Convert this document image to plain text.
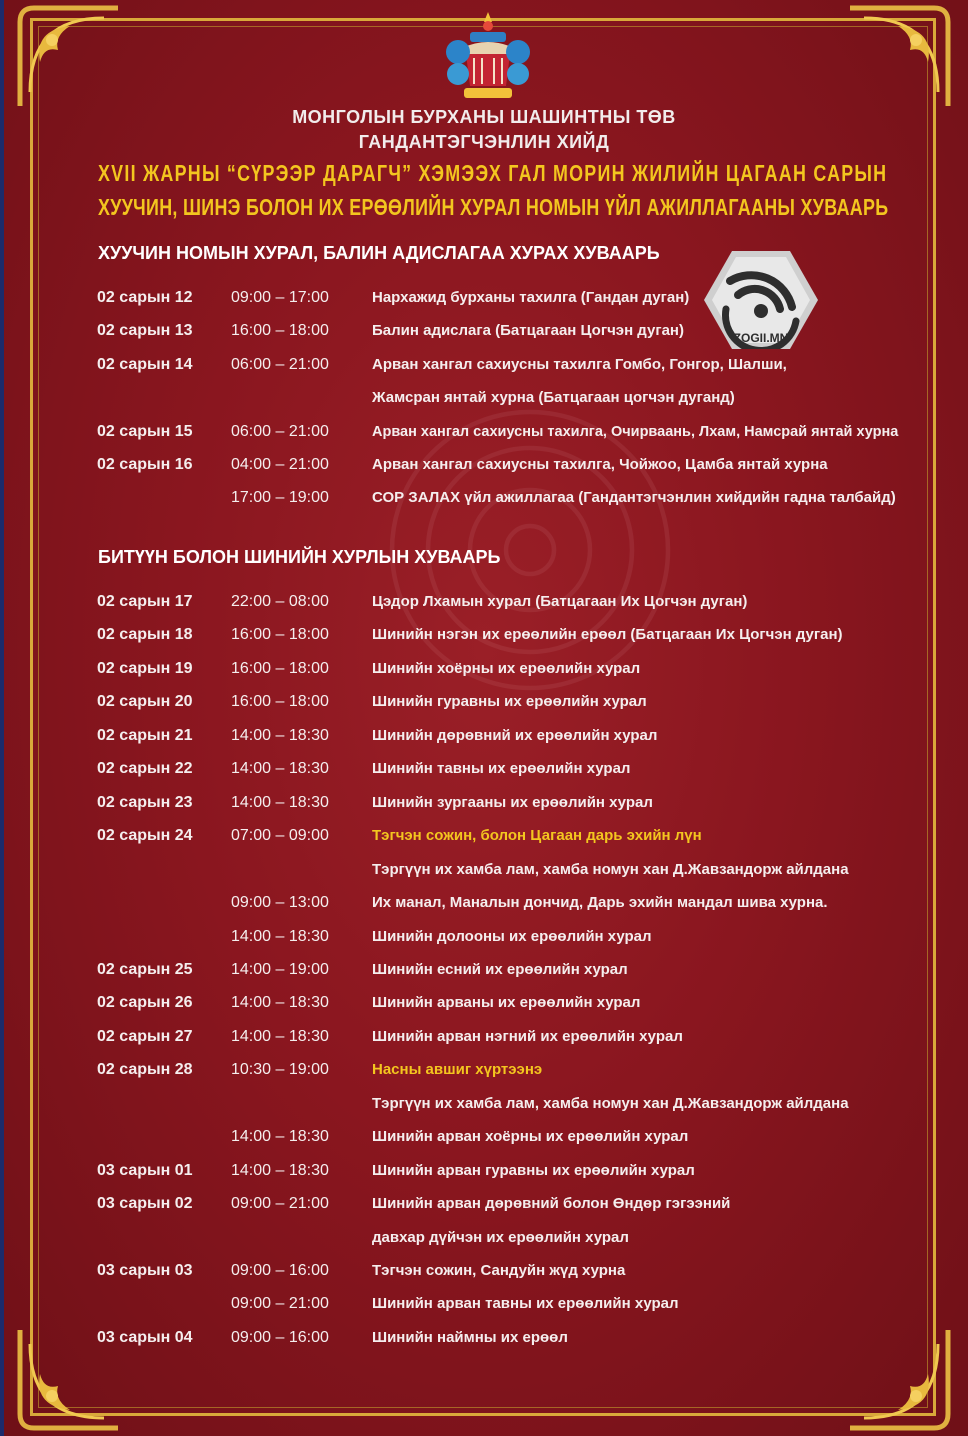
МОНГОЛЫН БУРХАНЫ ШАШИНТНЫ ТӨВ
ГАНДАНТЭГЧЭНЛИН ХИЙД
XVII ЖАРНЫ “СҮРЭЭР ДАРАГЧ” ХЭМЭЭХ ГАЛ МОРИН ЖИЛИЙН ЦАГААН САРЫН
ХУУЧИН, ШИНЭ БОЛОН ИХ ЕРӨӨЛИЙН ХУРАЛ НОМЫН ҮЙЛ АЖИЛЛАГААНЫ ХУВААРЬ
ХУУЧИН НОМЫН ХУРАЛ, БАЛИН АДИСЛАГАА ХУРАХ ХУВААРЬ
02 сарын 12 09:00 – 17:00	Нархажид бурханы тахилга (Гандан дуган)
02 сарын 13 16:00 – 18:00	Балин адислага (Батцагаан Цогчэн дуган)
02 сарын 14 06:00 – 21:00	Арван хангал сахиусны тахилга Гомбо, Гонгор, Шалши,
Жамсран янтай хурна (Батцагаан цогчэн дуганд)
02 сарын 15 06:00 – 21:00	Арван хангал сахиусны тахилга, Очирваань, Лхам, Намсрай янтай хурна
02 сарын 16 04:00 – 21:00	Арван хангал сахиусны тахилга, Чойжоо, Цамба янтай хурна
17:00 – 19:00	СОР ЗАЛАХ үйл ажиллагаа (Гандантэгчэнлин хийдийн гадна талбайд)
БИТҮҮН БОЛОН ШИНИЙН ХУРЛЫН ХУВААРЬ
02 сарын 17 22:00 – 08:00	Цэдор Лхамын хурал (Батцагаан Их Цогчэн дуган)
02 сарын 18 16:00 – 18:00	Шинийн нэгэн их ерөөлийн ерөөл (Батцагаан Их Цогчэн дуган)
02 сарын 19 16:00 – 18:00	Шинийн хоёрны их ерөөлийн хурал
02 сарын 20 16:00 – 18:00	Шинийн гуравны их ерөөлийн хурал
02 сарын 21 14:00 – 18:30	Шинийн дөрөвний их ерөөлийн хурал
02 сарын 22 14:00 – 18:30	Шинийн тавны их ерөөлийн хурал
02 сарын 23 14:00 – 18:30	Шинийн зургааны их ерөөлийн хурал
02 сарын 24 07:00 – 09:00	Тэгчэн сожин, болон Цагаан дарь эхийн лүн
Тэргүүн их хамба лам, хамба номун хан Д.Жавзандорж айлдана
09:00 – 13:00	Их манал, Маналын дончид, Дарь эхийн мандал шива хурна.
14:00 – 18:30	Шинийн долооны их ерөөлийн хурал
02 сарын 25 14:00 – 19:00	Шинийн есний их ерөөлийн хурал
02 сарын 26 14:00 – 18:30	Шинийн арваны их ерөөлийн хурал
02 сарын 27 14:00 – 18:30	Шинийн арван нэгний их ерөөлийн хурал
02 сарын 28 10:30 – 19:00	Насны авшиг хүртээнэ
Тэргүүн их хамба лам, хамба номун хан Д.Жавзандорж айлдана
14:00 – 18:30	Шинийн арван хоёрны их ерөөлийн хурал
03 сарын 01 14:00 – 18:30	Шинийн арван гуравны их ерөөлийн хурал
03 сарын 02 09:00 – 21:00	Шинийн арван дөрөвний болон Өндөр гэгээний
давхар дүйчэн их ерөөлийн хурал
03 сарын 03 09:00 – 16:00	Тэгчэн сожин, Сандуйн жүд хурна
09:00 – 21:00	Шинийн арван тавны их ерөөлийн хурал
03 сарын 04 09:00 – 16:00	Шинийн наймны их ерөөл
ZOGII.MN
